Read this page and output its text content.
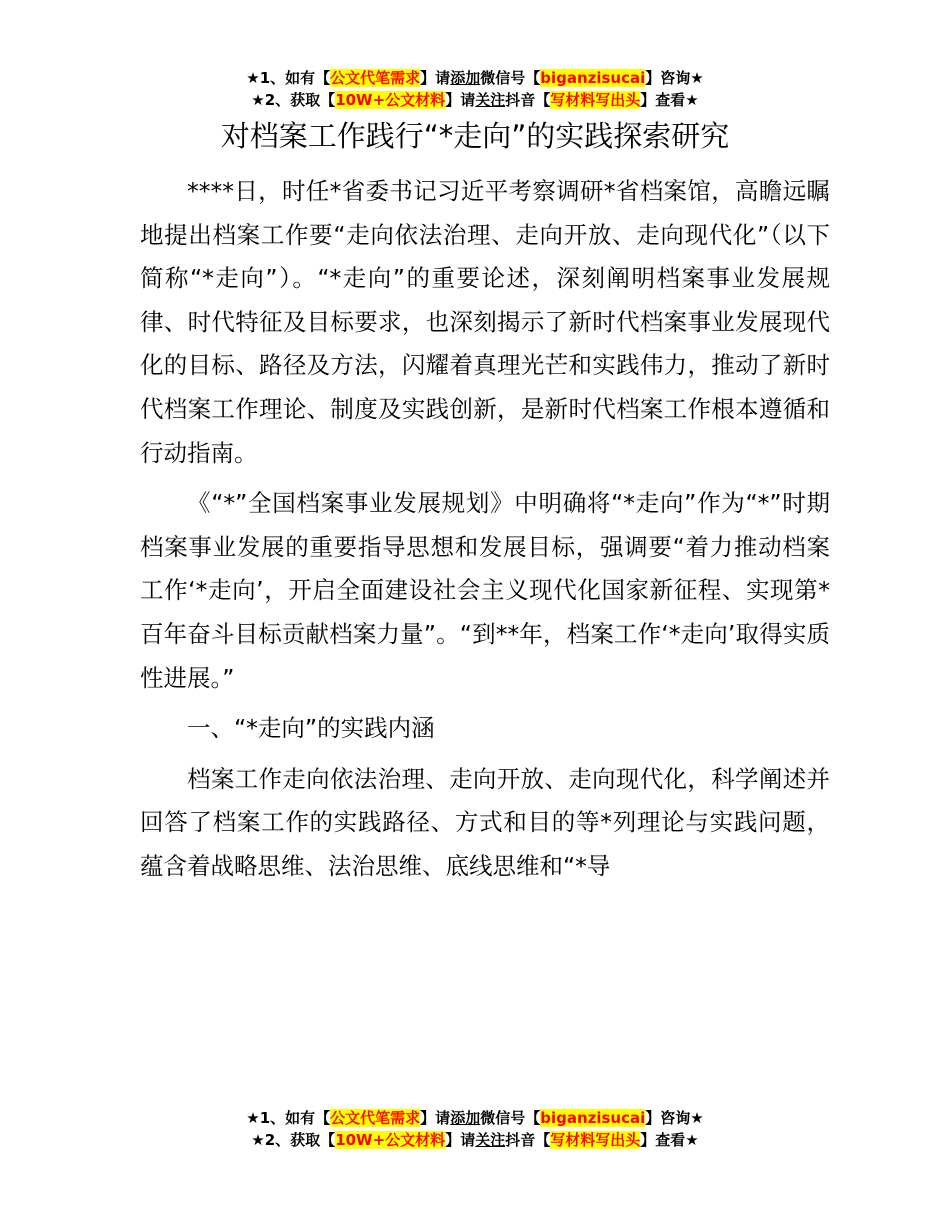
★1、如有【公文代笔需求】请添加微信号【biganzisucai】咨询★
★2、获取【10W+公文材料】请关注抖音【写材料写出头】查看★
对档案工作践行“*走向”的实践探索研究

****日，时任*省委书记习近平考察调研*省档案馆，高瞻远瞩地提出档案工作要“走向依法治理、走向开放、走向现代化”（以下简称“*走向”）。“*走向”的重要论述，深刻阐明档案事业发展规律、时代特征及目标要求，也深刻揭示了新时代档案事业发展现代化的目标、路径及方法，闪耀着真理光芒和实践伟力，推动了新时代档案工作理论、制度及实践创新，是新时代档案工作根本遵循和行动指南。

《“*”全国档案事业发展规划》中明确将“*走向”作为“*”时期档案事业发展的重要指导思想和发展目标，强调要“着力推动档案工作‘*走向’，开启全面建设社会主义现代化国家新征程、实现第*百年奋斗目标贡献档案力量”。“到**年，档案工作‘*走向’取得实质性进展。”

一、“*走向”的实践内涵

档案工作走向依法治理、走向开放、走向现代化，科学阐述并回答了档案工作的实践路径、方式和目的等*列理论与实践问题，蕴含着战略思维、法治思维、底线思维和“*导

★1、如有【公文代笔需求】请添加微信号【biganzisucai】咨询★
★2、获取【10W+公文材料】请关注抖音【写材料写出头】查看★
